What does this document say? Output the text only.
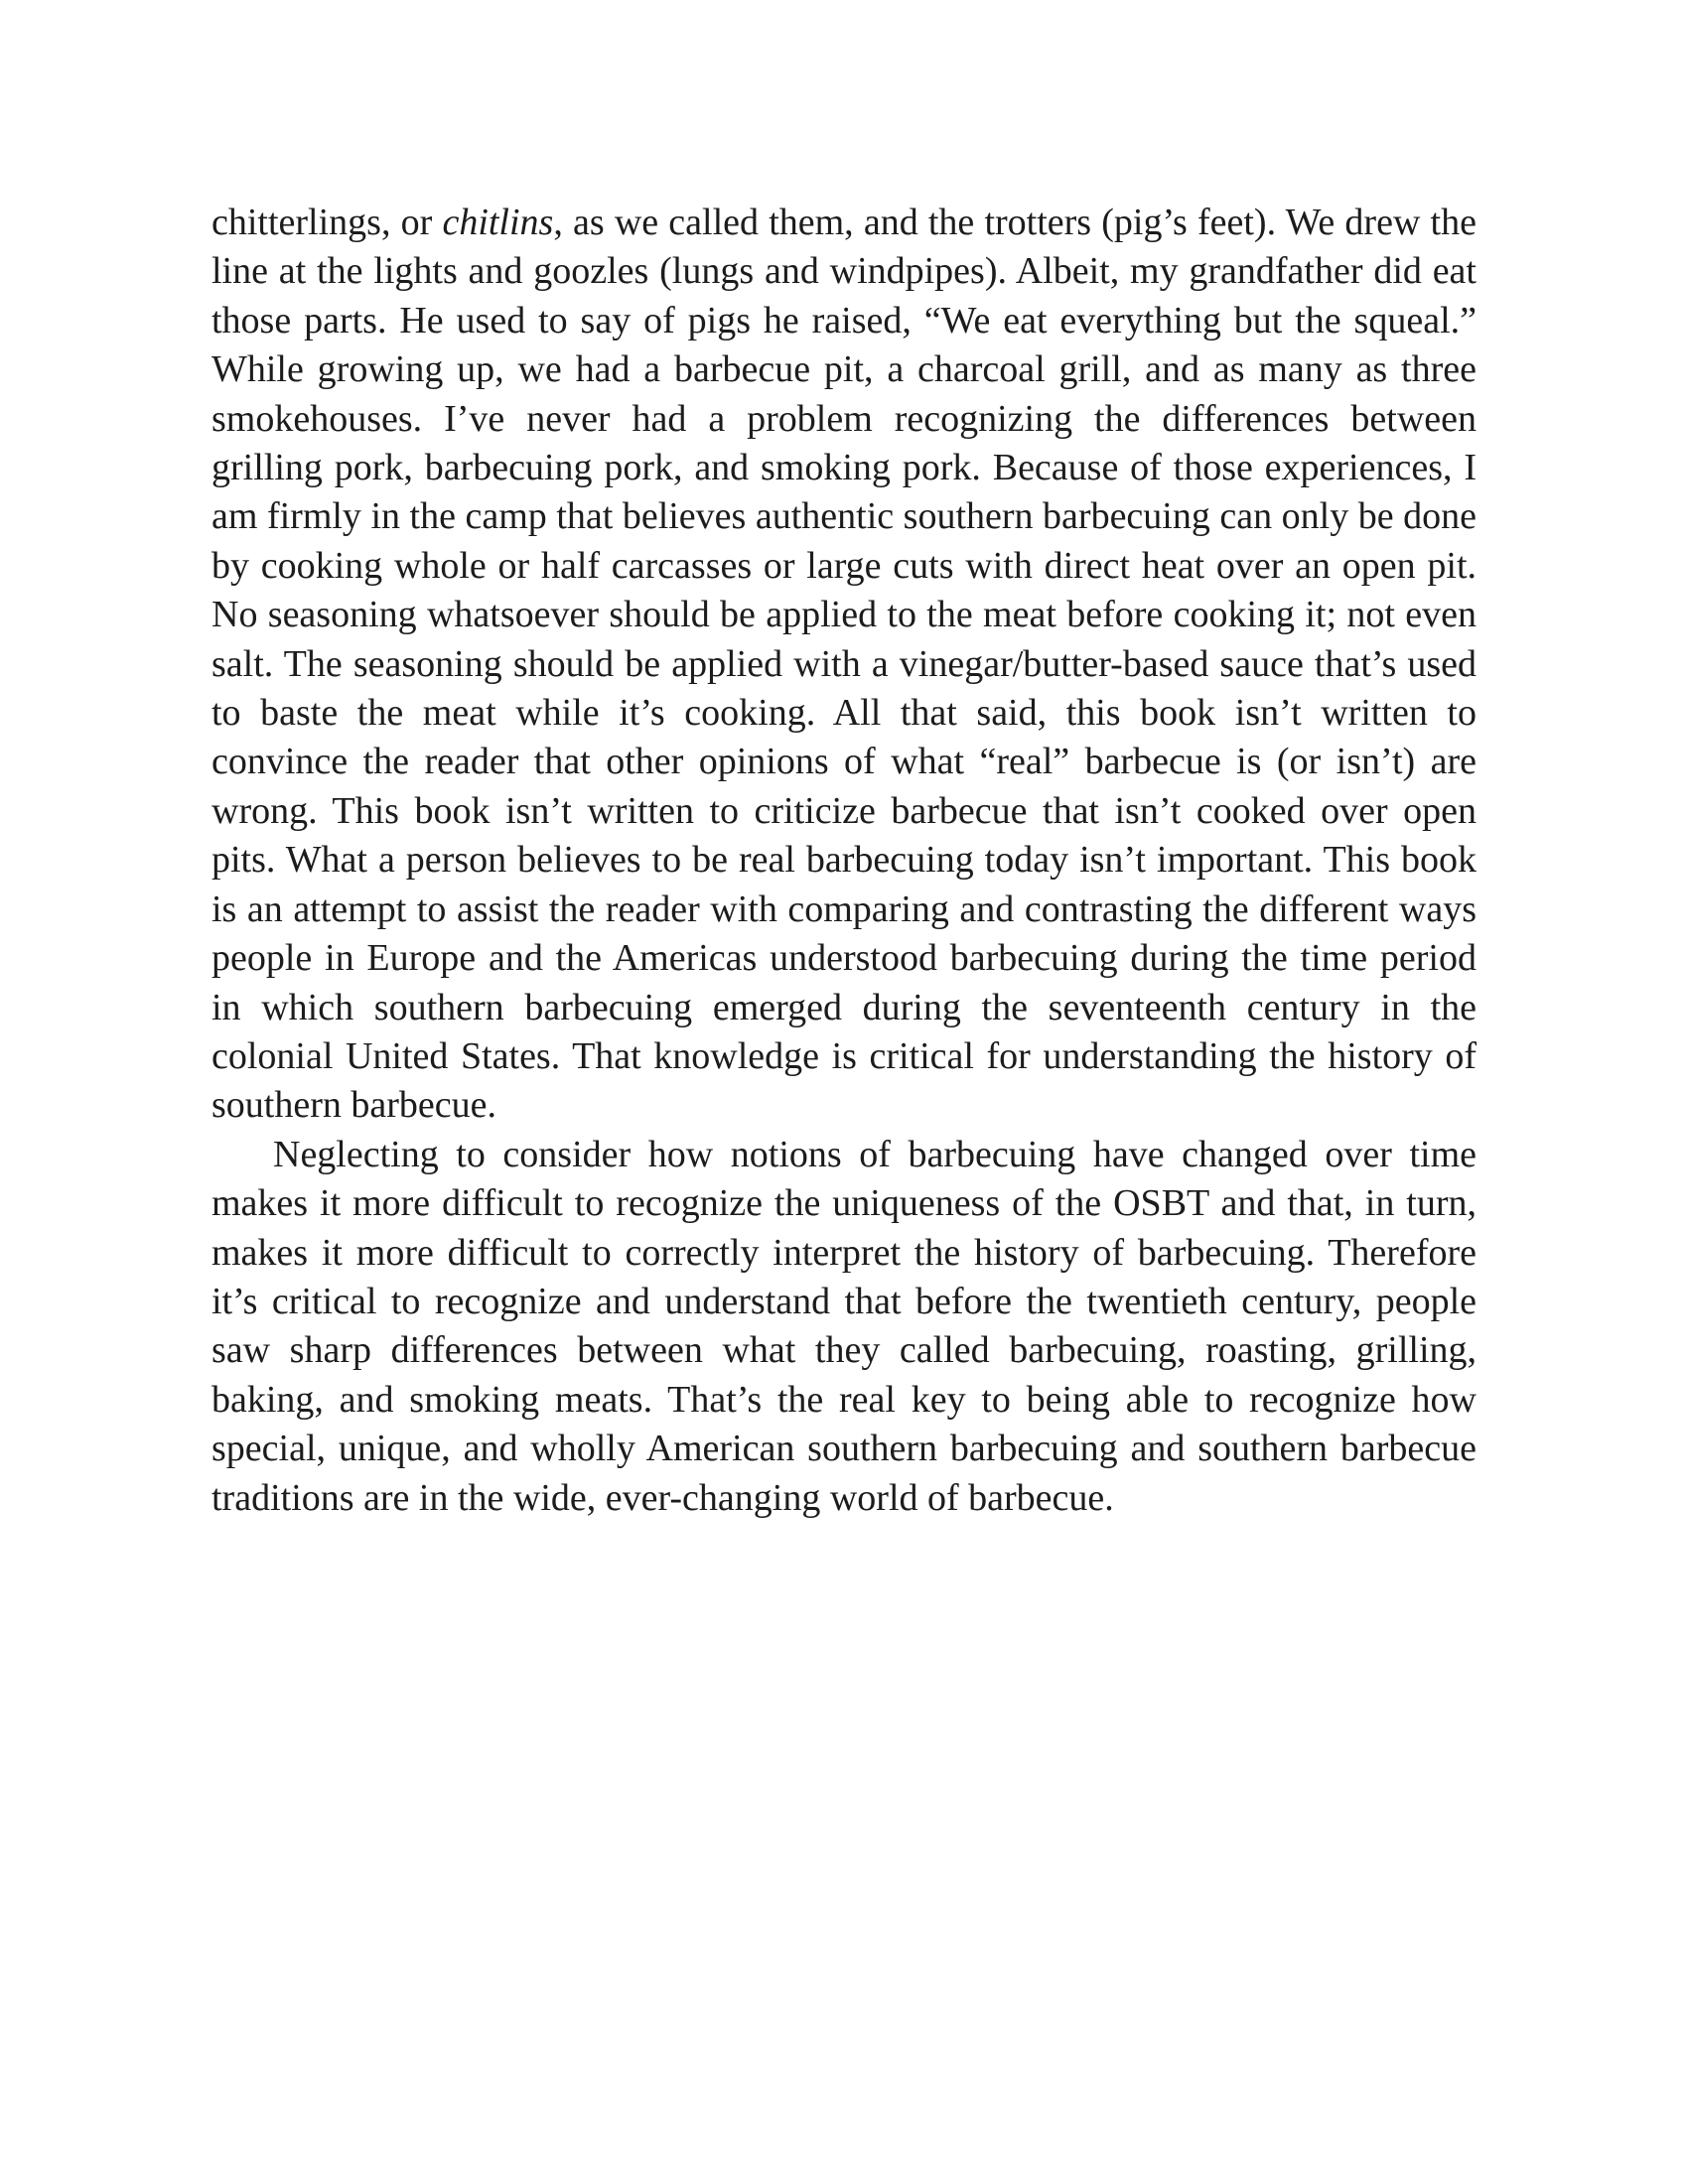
chitterlings, or chitlins, as we called them, and the trotters (pig’s feet). We drew the line at the lights and goozles (lungs and windpipes). Albeit, my grandfather did eat those parts. He used to say of pigs he raised, “We eat everything but the squeal.” While growing up, we had a barbecue pit, a charcoal grill, and as many as three smokehouses. I’ve never had a problem recognizing the differences between grilling pork, barbecuing pork, and smoking pork. Because of those experiences, I am firmly in the camp that believes authentic southern barbecuing can only be done by cooking whole or half carcasses or large cuts with direct heat over an open pit. No seasoning whatsoever should be applied to the meat before cooking it; not even salt. The seasoning should be applied with a vinegar/butter-based sauce that’s used to baste the meat while it’s cooking. All that said, this book isn’t written to convince the reader that other opinions of what “real” barbecue is (or isn’t) are wrong. This book isn’t written to criticize barbecue that isn’t cooked over open pits. What a person believes to be real barbecuing today isn’t important. This book is an attempt to assist the reader with comparing and contrasting the different ways people in Europe and the Americas understood barbecuing during the time period in which southern barbecuing emerged during the seventeenth century in the colonial United States. That knowledge is critical for understanding the history of southern barbecue.

Neglecting to consider how notions of barbecuing have changed over time makes it more difficult to recognize the uniqueness of the OSBT and that, in turn, makes it more difficult to correctly interpret the history of barbecuing. Therefore it’s critical to recognize and understand that before the twentieth century, people saw sharp differences between what they called barbecuing, roasting, grilling, baking, and smoking meats. That’s the real key to being able to recognize how special, unique, and wholly American southern barbecuing and southern barbecue traditions are in the wide, ever-changing world of barbecue.
